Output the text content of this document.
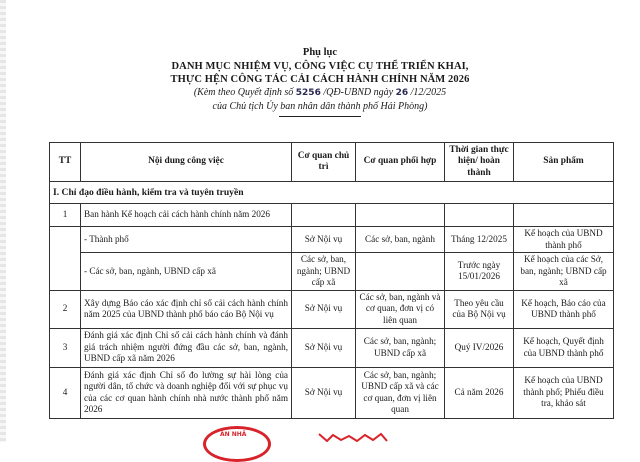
Phụ lục
DANH MỤC NHIỆM VỤ, CÔNG VIỆC CỤ THỂ TRIỂN KHAI,
THỰC HỆN CÔNG TÁC CẢI CÁCH HÀNH CHÍNH NĂM 2026
(Kèm theo Quyết định số 5256 /QĐ-UBND ngày 26 /12/2025
của Chủ tịch Ủy ban nhân dân thành phố Hải Phòng)
TT	Nội dung công việc	Cơ quan chủ trì	Cơ quan phối hợp	Thời gian thực hiện/ hoàn thành	Sản phẩm
I. Chỉ đạo điều hành, kiểm tra và tuyên truyền					
1	Ban hành Kế hoạch cải cách hành chính năm 2026				
	- Thành phố	Sở Nội vụ	Các sở, ban, ngành	Tháng 12/2025	Kế hoạch của UBND thành phố
	- Các sở, ban, ngành, UBND cấp xã	Các sở, ban, ngành; UBND cấp xã		Trước ngày 15/01/2026	Kế hoạch của các Sở, ban, ngành; UBND cấp xã
2	Xây dựng Báo cáo xác định chỉ số cải cách hành chính năm 2025 của UBND thành phố báo cáo Bộ Nội vụ	Sở Nội vụ	Các sở, ban, ngành và cơ quan, đơn vị có liên quan	Theo yêu cầu của Bộ Nội vụ	Kế hoạch, Báo cáo của UBND thành phố
3	Đánh giá xác định Chỉ số cải cách hành chính và đánh giá trách nhiệm người đứng đầu các sở, ban, ngành, UBND cấp xã năm 2026	Sở Nội vụ	Các sở, ban, ngành; UBND cấp xã	Quý IV/2026	Kế hoạch, Quyết định của UBND thành phố
4	Đánh giá xác định Chỉ số đo lường sự hài lòng của người dân, tổ chức và doanh nghiệp đối với sự phục vụ của các cơ quan hành chính nhà nước thành phố năm 2026	Sở Nội vụ	Các sở, ban, ngành; UBND cấp xã và các cơ quan, đơn vị liên quan	Cả năm 2026	Kế hoạch của UBND thành phố; Phiếu điều tra, khảo sát
AN NHÂ
